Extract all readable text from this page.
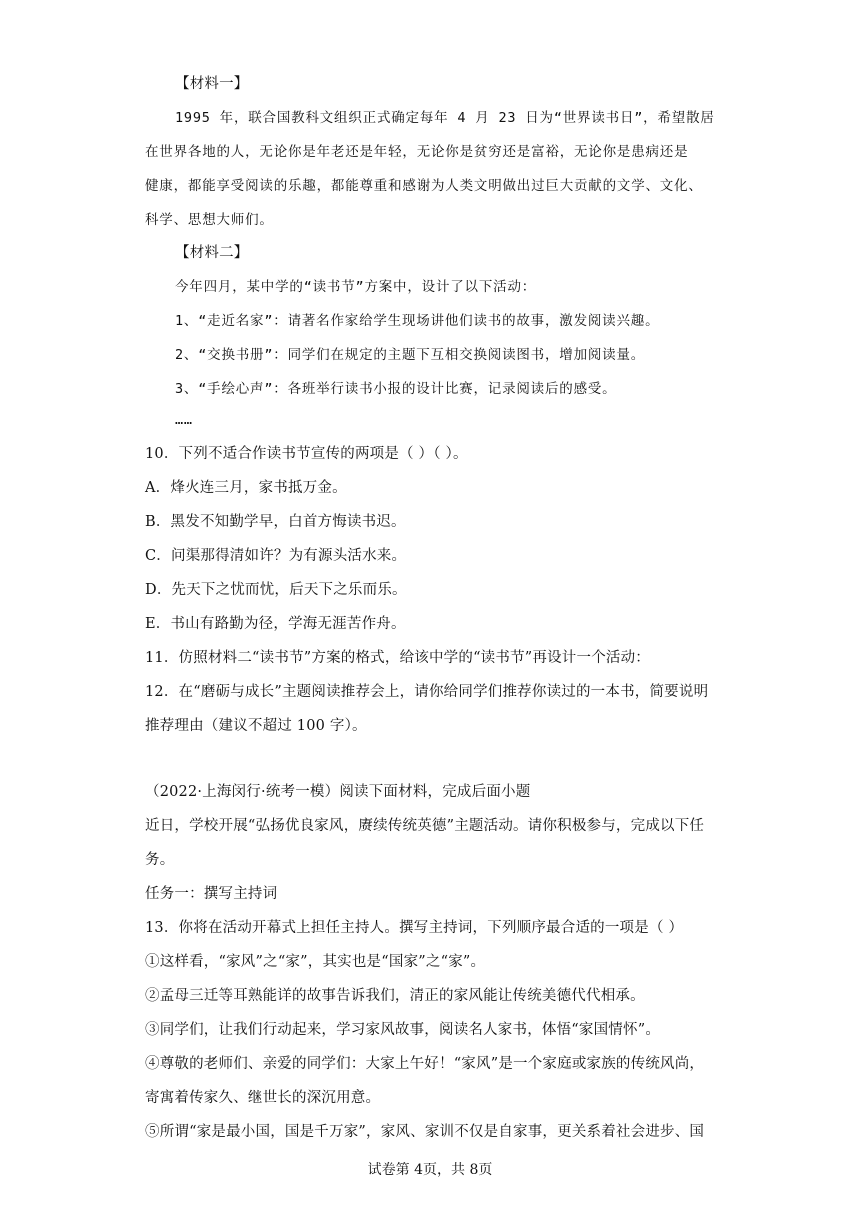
【材料一】
1995 年，联合国教科文组织正式确定每年 4 月 23 日为“世界读书日”，希望散居
在世界各地的人，无论你是年老还是年轻，无论你是贫穷还是富裕，无论你是患病还是
健康，都能享受阅读的乐趣，都能尊重和感谢为人类文明做出过巨大贡献的文学、文化、
科学、思想大师们。
【材料二】
今年四月，某中学的“读书节”方案中，设计了以下活动：
1、“走近名家”：请著名作家给学生现场讲他们读书的故事，激发阅读兴趣。
2、“交换书册”：同学们在规定的主题下互相交换阅读图书，增加阅读量。
3、“手绘心声”：各班举行读书小报的设计比赛，记录阅读后的感受。
……
10．下列不适合作读书节宣传的两项是（ ）（ ）。
A．烽火连三月，家书抵万金。
B．黑发不知勤学早，白首方悔读书迟。
C．问渠那得清如许？为有源头活水来。
D．先天下之忧而忧，后天下之乐而乐。
E．书山有路勤为径，学海无涯苦作舟。
11．仿照材料二“读书节”方案的格式，给该中学的“读书节”再设计一个活动：
12．在“磨砺与成长”主题阅读推荐会上，请你给同学们推荐你读过的一本书，简要说明
推荐理由（建议不超过 100 字）。
（2022·上海闵行·统考一模）阅读下面材料，完成后面小题
近日，学校开展“弘扬优良家风，赓续传统英德”主题活动。请你积极参与，完成以下任
务。
任务一：撰写主持词
13．你将在活动开幕式上担任主持人。撰写主持词，下列顺序最合适的一项是（ ）
①这样看，“家风”之“家”，其实也是“国家”之“家”。
②孟母三迁等耳熟能详的故事告诉我们，清正的家风能让传统美德代代相承。
③同学们，让我们行动起来，学习家风故事，阅读名人家书，体悟“家国情怀”。
④尊敬的老师们、亲爱的同学们：大家上午好！“家风”是一个家庭或家族的传统风尚，
寄寓着传家久、继世长的深沉用意。
⑤所谓“家是最小国，国是千万家”，家风、家训不仅是自家事，更关系着社会进步、国
试卷第 4页，共 8页
